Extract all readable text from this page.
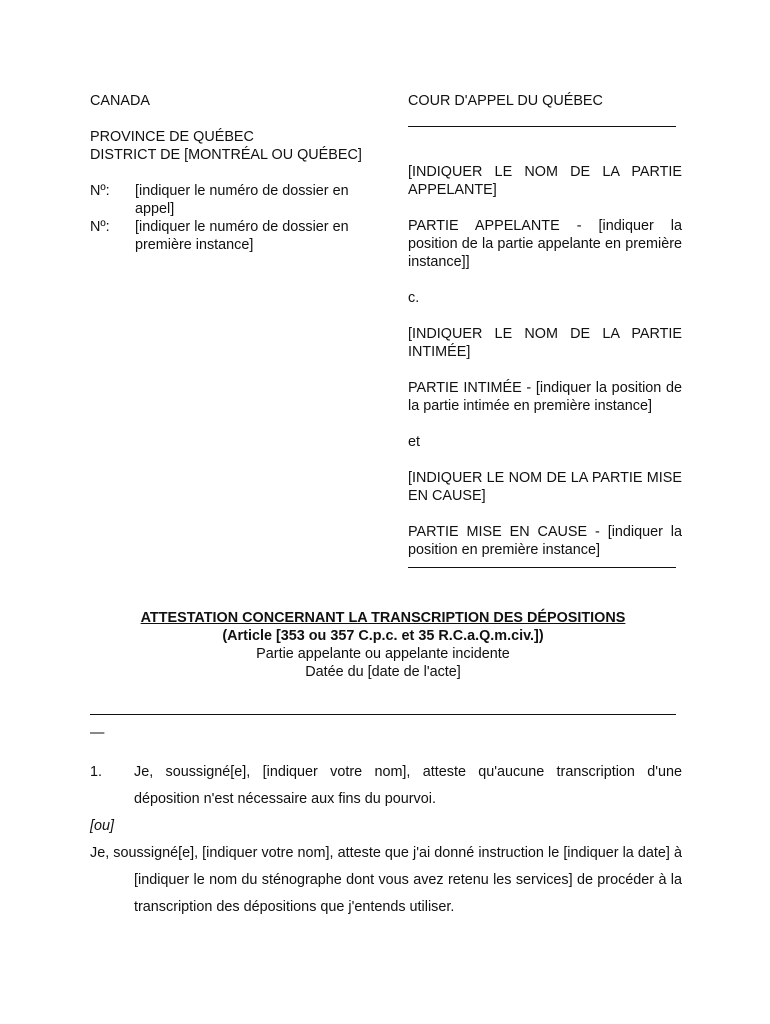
CANADA

PROVINCE DE QUÉBEC

DISTRICT DE [MONTRÉAL OU QUÉBEC]

Nº:	[indiquer le numéro de dossier en appel]
Nº:	[indiquer le numéro de dossier en première instance]

COUR D'APPEL DU QUÉBEC

[INDIQUER LE NOM DE LA PARTIE APPELANTE]

PARTIE APPELANTE - [indiquer la position de la partie appelante en première instance]]

c.

[INDIQUER LE NOM DE LA PARTIE INTIMÉE]

PARTIE INTIMÉE - [indiquer la position de la partie intimée en première instance]

et

[INDIQUER LE NOM DE LA PARTIE MISE EN CAUSE]

PARTIE MISE EN CAUSE - [indiquer la position en première instance]

ATTESTATION CONCERNANT LA TRANSCRIPTION DES DÉPOSITIONS

(Article [353 ou 357 C.p.c. et 35 R.C.a.Q.m.civ.])

Partie appelante ou appelante incidente

Datée du [date de l'acte]

—
1.	Je, soussigné[e], [indiquer votre nom], atteste qu'aucune transcription d'une déposition n'est nécessaire aux fins du pourvoi.

[ou]

Je, soussigné[e], [indiquer votre nom], atteste que j'ai donné instruction le [indiquer la date] à [indiquer le nom du sténographe dont vous avez retenu les services] de procéder à la transcription des dépositions que j'entends utiliser.
